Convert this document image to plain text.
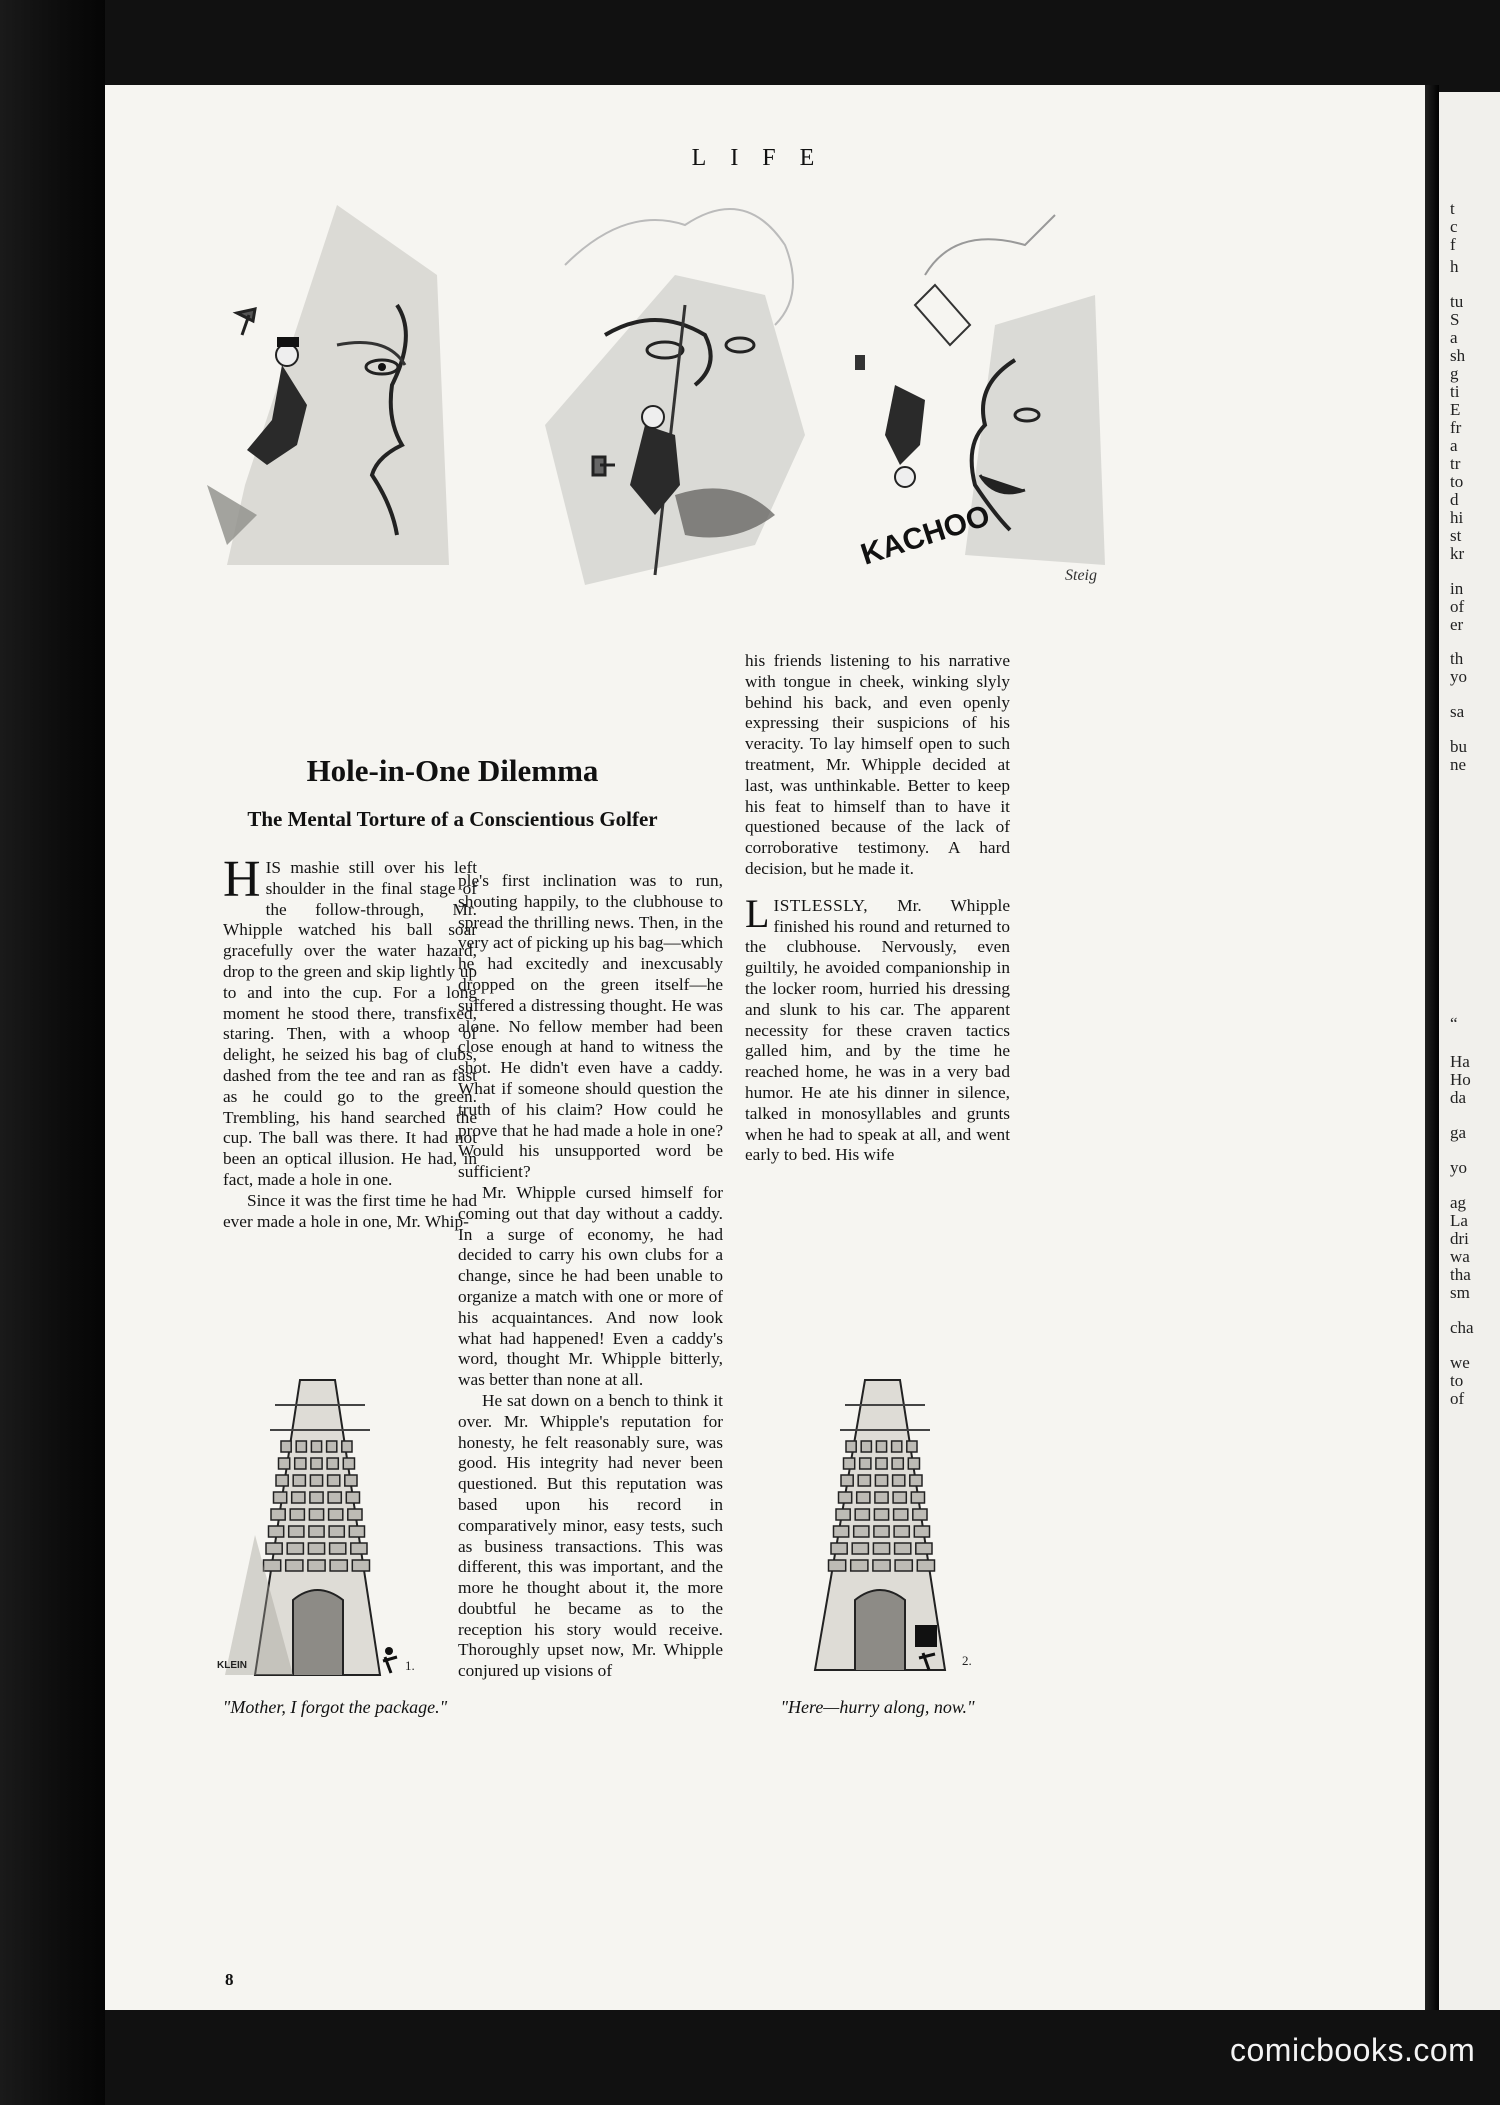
t
c
f
h
tu
S
a
sh
g
ti
E
fr
a
tr
to
d
hi
st
kr
in
of
er
th
yo
sa
bu
ne
“
Ha
Ho
da
ga
yo
ag
La
dri
wa
tha
sm
cha
we
to
of
LIFE
KACHOO
Steig
Hole-in-One Dilemma
The Mental Torture of a Conscientious Golfer

HIS mashie still over his left shoulder in the final stage of the follow-through, Mr. Whipple watched his ball soar gracefully over the water hazard, drop to the green and skip lightly up to and into the cup. For a long moment he stood there, transfixed, staring. Then, with a whoop of delight, he seized his bag of clubs, dashed from the tee and ran as fast as he could go to the green. Trembling, his hand searched the cup. The ball was there. It had not been an optical illusion. He had, in fact, made a hole in one.

Since it was the first time he had ever made a hole in one, Mr. Whip-

ple's first inclination was to run, shouting happily, to the clubhouse to spread the thrilling news. Then, in the very act of picking up his bag—which he had excitedly and inexcusably dropped on the green itself—he suffered a distressing thought. He was alone. No fellow member had been close enough at hand to witness the shot. He didn't even have a caddy. What if someone should question the truth of his claim? How could he prove that he had made a hole in one? Would his unsupported word be sufficient?

Mr. Whipple cursed himself for coming out that day without a caddy. In a surge of economy, he had decided to carry his own clubs for a change, since he had been unable to organize a match with one or more of his acquaintances. And now look what had happened! Even a caddy's word, thought Mr. Whipple bitterly, was better than none at all.

He sat down on a bench to think it over. Mr. Whipple's reputation for honesty, he felt reasonably sure, was good. His integrity had never been questioned. But this reputation was based upon his record in comparatively minor, easy tests, such as business transactions. This was different, this was important, and the more he thought about it, the more doubtful he became as to the reception his story would receive. Thoroughly upset now, Mr. Whipple conjured up visions of

his friends listening to his narrative with tongue in cheek, winking slyly behind his back, and even openly expressing their suspicions of his veracity. To lay himself open to such treatment, Mr. Whipple decided at last, was unthinkable. Better to keep his feat to himself than to have it questioned because of the lack of corroborative testimony. A hard decision, but he made it.

LISTLESSLY, Mr. Whipple finished his round and returned to the clubhouse. Nervously, even guiltily, he avoided companionship in the locker room, hurried his dressing and slunk to his car. The apparent necessity for these craven tactics galled him, and by the time he reached home, he was in a very bad humor. He ate his dinner in silence, talked in monosyllables and grunts when he had to speak at all, and went early to bed. His wife

KLEIN	1.
"Mother, I forgot the package."
2.
"Here—hurry along, now."
8
comicbooks.com
